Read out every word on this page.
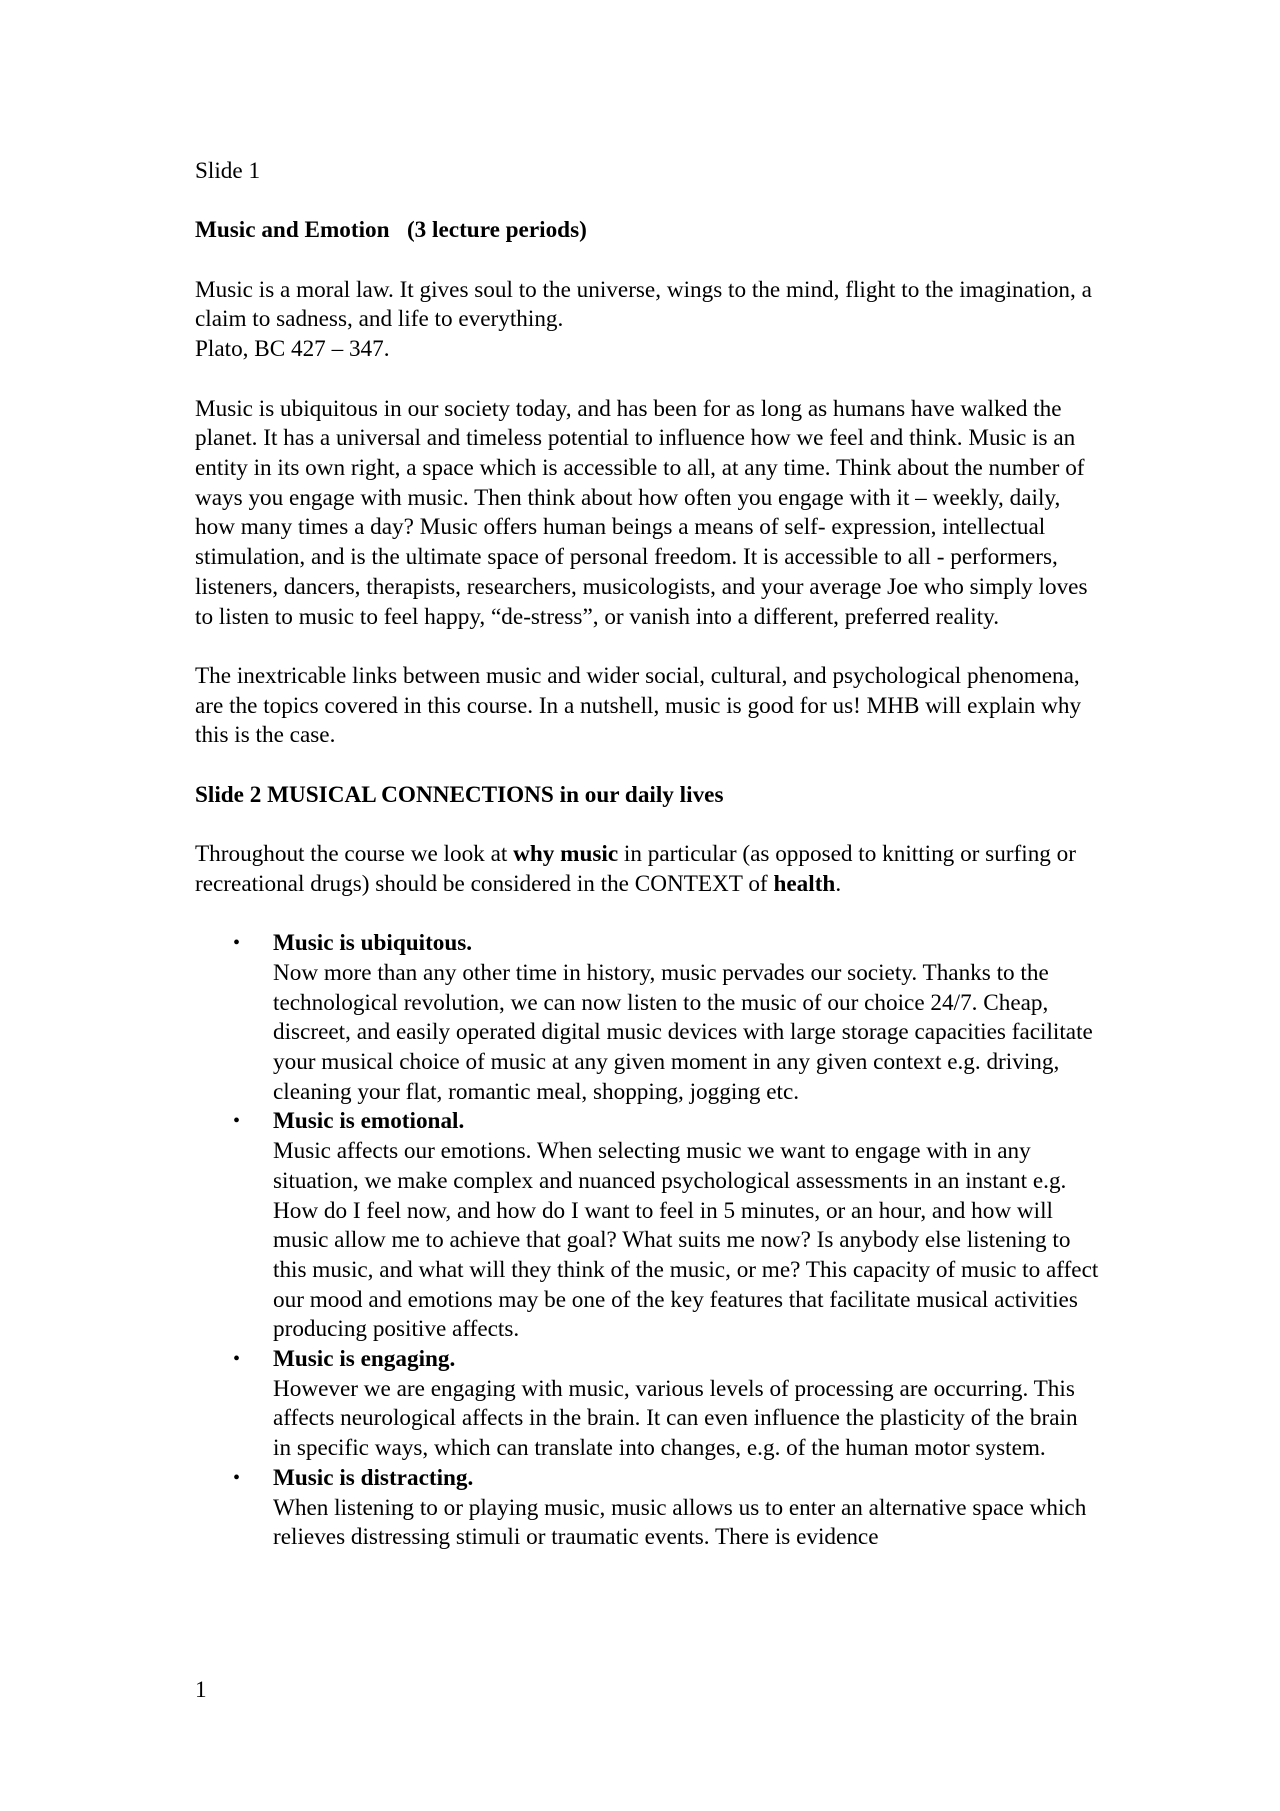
Slide 1

Music and Emotion (3 lecture periods)

Music is a moral law. It gives soul to the universe, wings to the mind, flight to the imagination, a claim to sadness, and life to everything.

Plato, BC 427 – 347.

Music is ubiquitous in our society today, and has been for as long as humans have walked the planet. It has a universal and timeless potential to influence how we feel and think. Music is an entity in its own right, a space which is accessible to all, at any time. Think about the number of ways you engage with music. Then think about how often you engage with it – weekly, daily, how many times a day? Music offers human beings a means of self- expression, intellectual stimulation, and is the ultimate space of personal freedom. It is accessible to all - performers, listeners, dancers, therapists, researchers, musicologists, and your average Joe who simply loves to listen to music to feel happy, “de-stress”, or vanish into a different, preferred reality.

The inextricable links between music and wider social, cultural, and psychological phenomena, are the topics covered in this course. In a nutshell, music is good for us! MHB will explain why this is the case.

Slide 2 MUSICAL CONNECTIONS in our daily lives

Throughout the course we look at why music in particular (as opposed to knitting or surfing or recreational drugs) should be considered in the CONTEXT of health.

• Music is ubiquitous.
Now more than any other time in history, music pervades our society. Thanks to the technological revolution, we can now listen to the music of our choice 24/7. Cheap, discreet, and easily operated digital music devices with large storage capacities facilitate your musical choice of music at any given moment in any given context e.g. driving, cleaning your flat, romantic meal, shopping, jogging etc.
• Music is emotional.
Music affects our emotions. When selecting music we want to engage with in any situation, we make complex and nuanced psychological assessments in an instant e.g. How do I feel now, and how do I want to feel in 5 minutes, or an hour, and how will music allow me to achieve that goal? What suits me now? Is anybody else listening to this music, and what will they think of the music, or me? This capacity of music to affect our mood and emotions may be one of the key features that facilitate musical activities producing positive affects.
• Music is engaging.
However we are engaging with music, various levels of processing are occurring. This affects neurological affects in the brain. It can even influence the plasticity of the brain in specific ways, which can translate into changes, e.g. of the human motor system.
• Music is distracting.
When listening to or playing music, music allows us to enter an alternative space which relieves distressing stimuli or traumatic events. There is evidence
1
